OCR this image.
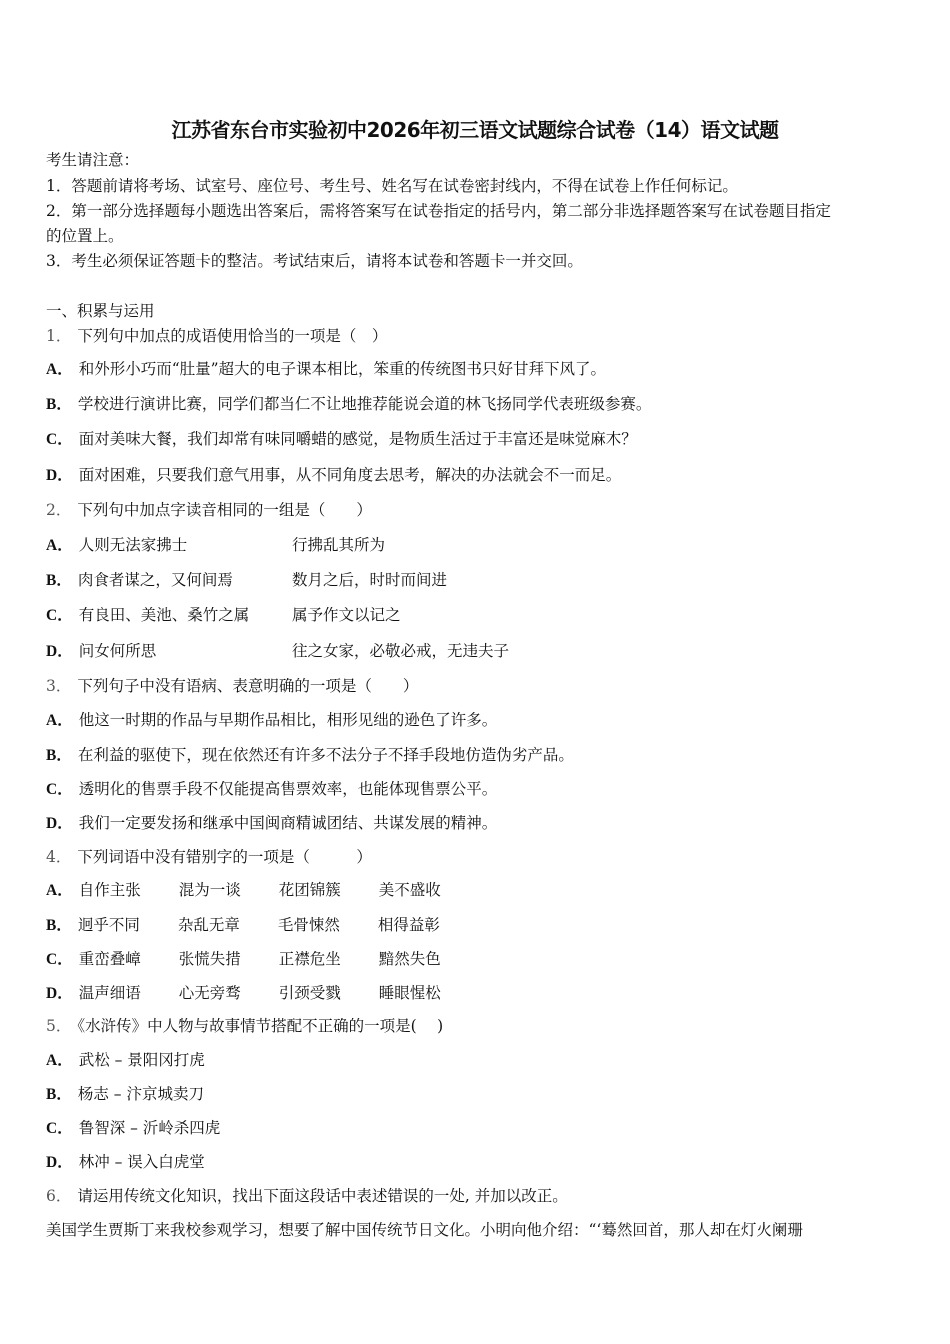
江苏省东台市实验初中2026年初三语文试题综合试卷（14）语文试题
考生请注意：
1．答题前请将考场、试室号、座位号、考生号、姓名写在试卷密封线内，不得在试卷上作任何标记。
2．第一部分选择题每小题选出答案后，需将答案写在试卷指定的括号内，第二部分非选择题答案写在试卷题目指定
的位置上。
3．考生必须保证答题卡的整洁。考试结束后，请将本试卷和答题卡一并交回。
一、积累与运用
1． 下列句中加点的成语使用恰当的一项是（　）
A． 和外形小巧而“肚量”超大的电子课本相比，笨重的传统图书只好甘拜下风了。
B． 学校进行演讲比赛，同学们都当仁不让地推荐能说会道的林飞扬同学代表班级参赛。
C． 面对美味大餐，我们却常有味同嚼蜡的感觉，是物质生活过于丰富还是味觉麻木？
D． 面对困难，只要我们意气用事，从不同角度去思考，解决的办法就会不一而足。
2． 下列句中加点字读音相同的一组是（　　）
A． 人则无法家拂士	行拂乱其所为
B． 肉食者谋之，又何间焉	数月之后，时时而间进
C． 有良田、美池、桑竹之属	属予作文以记之
D． 问女何所思	往之女家，必敬必戒，无违夫子
3． 下列句子中没有语病、表意明确的一项是（　　）
A． 他这一时期的作品与早期作品相比，相形见绌的逊色了许多。
B． 在利益的驱使下，现在依然还有许多不法分子不择手段地仿造伪劣产品。
C． 透明化的售票手段不仅能提高售票效率，也能体现售票公平。
D． 我们一定要发扬和继承中国闽商精诚团结、共谋发展的精神。
4． 下列词语中没有错别字的一项是（　　　）
A． 自作主张 混为一谈 花团锦簇 美不盛收
B． 迥乎不同 杂乱无章 毛骨悚然 相得益彰
C． 重峦叠嶂 张慌失措 正襟危坐 黯然失色
D． 温声细语 心无旁骛 引颈受戮 睡眼惺松
5． 《水浒传》中人物与故事情节搭配不正确的一项是(　 )
A． 武松 – 景阳冈打虎
B． 杨志 – 汴京城卖刀
C． 鲁智深 – 沂岭杀四虎
D． 林冲 – 误入白虎堂
6． 请运用传统文化知识，找出下面这段话中表述错误的一处, 并加以改正。
美国学生贾斯丁来我校参观学习，想要了解中国传统节日文化。小明向他介绍：“‘蓦然回首，那人却在灯火阑珊
